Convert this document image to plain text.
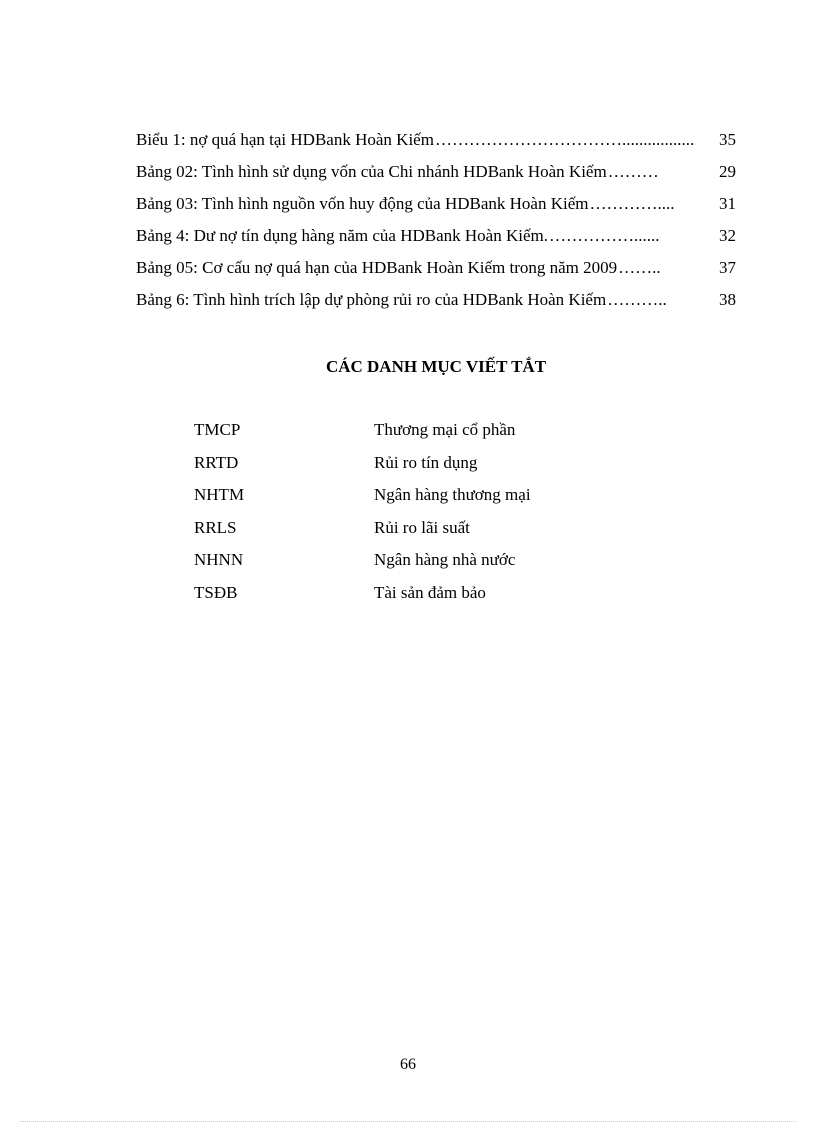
Biểu 1: nợ quá hạn tại HDBank Hoàn Kiếm …………………………….................	35
Bảng 02: Tình hình sử dụng vốn của Chi nhánh HDBank Hoàn Kiếm ………	29
Bảng 03: Tình hình nguồn vốn huy động của HDBank Hoàn Kiếm …………....	31
Bảng 4: Dư nợ tín dụng hàng năm của HDBank Hoàn Kiếm. ……………......	32
Bảng 05: Cơ cấu nợ quá hạn của HDBank Hoàn Kiếm trong năm 2009 ……..	37
Bảng 6: Tình hình trích lập dự phòng rủi ro của HDBank Hoàn Kiếm ………..	38
CÁC DANH MỤC VIẾT TẮT
TMCP	Thương mại cổ phần
RRTD	Rủi ro tín dụng
NHTM	Ngân hàng thương mại
RRLS	Rủi ro lãi suất
NHNN	Ngân hàng nhà nước
TSĐB	Tài sản đảm bảo
66
